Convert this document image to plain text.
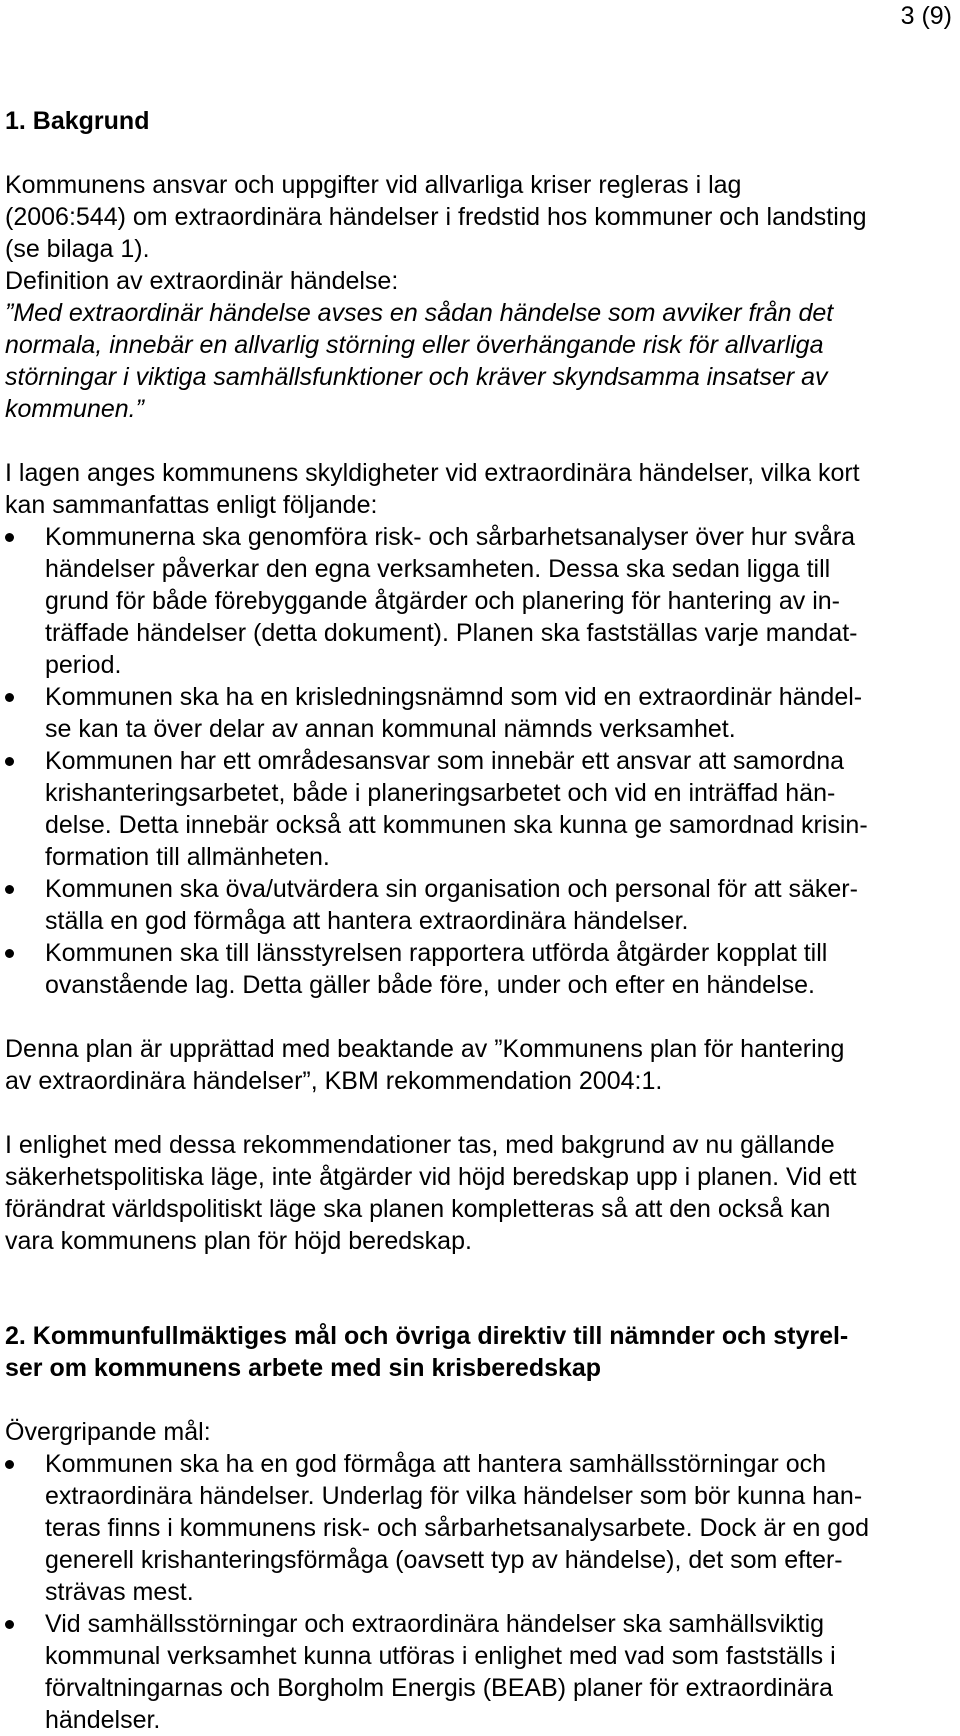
3 (9)

1. Bakgrund

Kommunens ansvar och uppgifter vid allvarliga kriser regleras i lag
(2006:544) om extraordinära händelser i fredstid hos kommuner och landsting
(se bilaga 1).
Definition av extraordinär händelse:
”Med extraordinär händelse avses en sådan händelse som avviker från det
normala, innebär en allvarlig störning eller överhängande risk för allvarliga
störningar i viktiga samhällsfunktioner och kräver skyndsamma insatser av
kommunen.”

I lagen anges kommunens skyldigheter vid extraordinära händelser, vilka kort
kan sammanfattas enligt följande:

Kommunerna ska genomföra risk- och sårbarhetsanalyser över hur svåra
händelser påverkar den egna verksamheten. Dessa ska sedan ligga till
grund för både förebyggande åtgärder och planering för hantering av in-
träffade händelser (detta dokument). Planen ska fastställas varje mandat-
period.
Kommunen ska ha en krisledningsnämnd som vid en extraordinär händel-
se kan ta över delar av annan kommunal nämnds verksamhet.
Kommunen har ett områdesansvar som innebär ett ansvar att samordna
krishanteringsarbetet, både i planeringsarbetet och vid en inträffad hän-
delse. Detta innebär också att kommunen ska kunna ge samordnad krisin-
formation till allmänheten.
Kommunen ska öva/utvärdera sin organisation och personal för att säker-
ställa en god förmåga att hantera extraordinära händelser.
Kommunen ska till länsstyrelsen rapportera utförda åtgärder kopplat till
ovanstående lag. Detta gäller både före, under och efter en händelse.

Denna plan är upprättad med beaktande av ”Kommunens plan för hantering
av extraordinära händelser”, KBM rekommendation 2004:1.

I enlighet med dessa rekommendationer tas, med bakgrund av nu gällande
säkerhetspolitiska läge, inte åtgärder vid höjd beredskap upp i planen. Vid ett
förändrat världspolitiskt läge ska planen kompletteras så att den också kan
vara kommunens plan för höjd beredskap.

2. Kommunfullmäktiges mål och övriga direktiv till nämnder och styrel-
ser om kommunens arbete med sin krisberedskap

Övergripande mål:

Kommunen ska ha en god förmåga att hantera samhällsstörningar och
extraordinära händelser. Underlag för vilka händelser som bör kunna han-
teras finns i kommunens risk- och sårbarhetsanalysarbete. Dock är en god
generell krishanteringsförmåga (oavsett typ av händelse), det som efter-
strävas mest.
Vid samhällsstörningar och extraordinära händelser ska samhällsviktig
kommunal verksamhet kunna utföras i enlighet med vad som fastställs i
förvaltningarnas och Borgholm Energis (BEAB) planer för extraordinära
händelser.
